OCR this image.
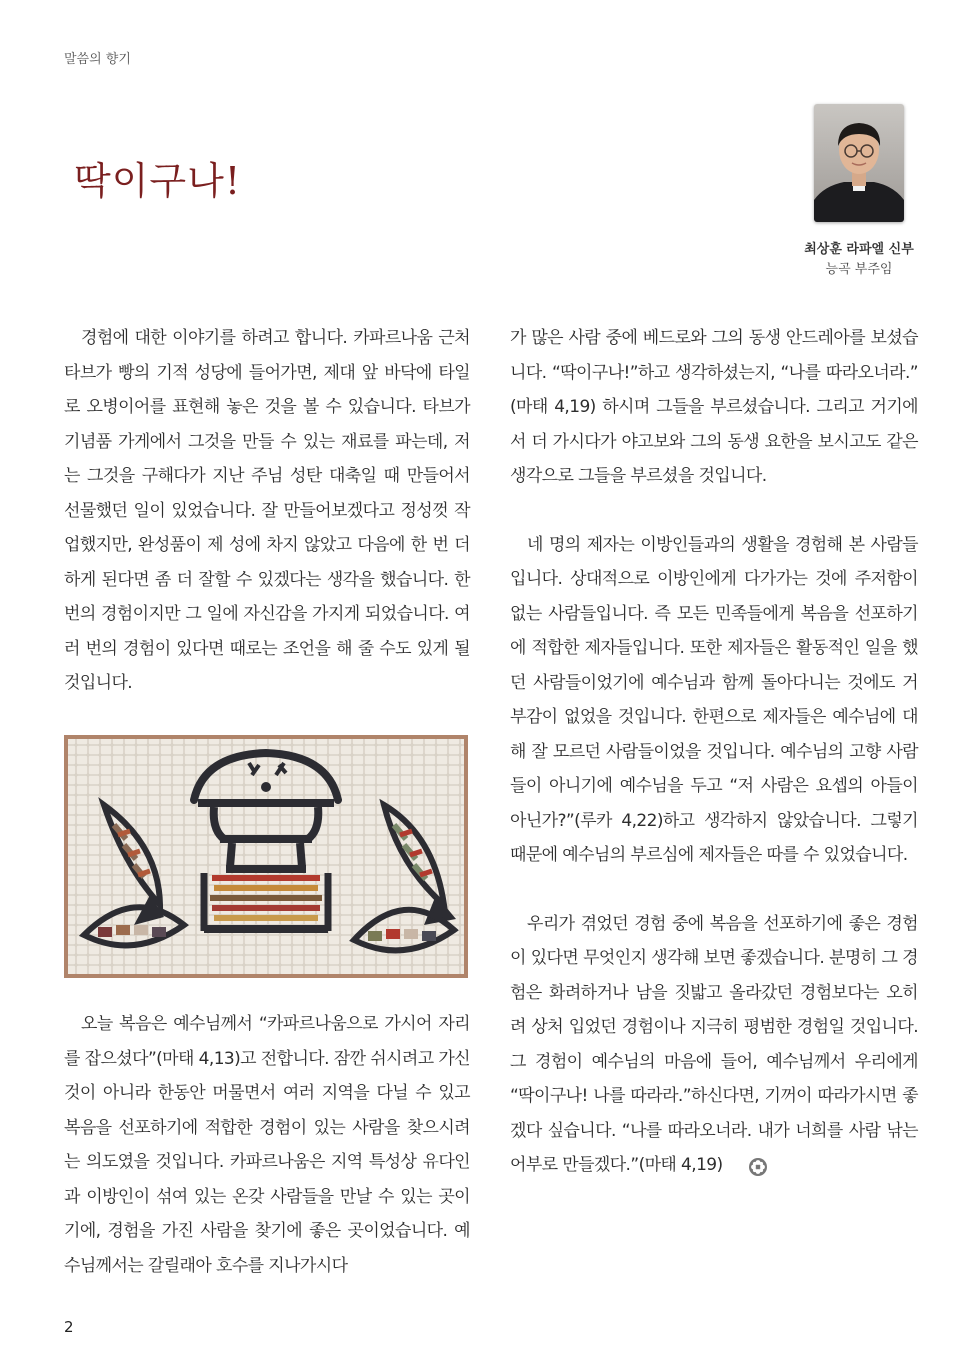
말씀의 향기
딱이구나!
최상훈 라파엘 신부
능곡 부주임

경험에 대한 이야기를 하려고 합니다. 카파르나움 근처 타브가 빵의 기적 성당에 들어가면, 제대 앞 바닥에 타일로 오병이어를 표현해 놓은 것을 볼 수 있습니다. 타브가 기념품 가게에서 그것을 만들 수 있는 재료를 파는데, 저는 그것을 구해다가 지난 주님 성탄 대축일 때 만들어서 선물했던 일이 있었습니다. 잘 만들어보겠다고 정성껏 작업했지만, 완성품이 제 성에 차지 않았고 다음에 한 번 더 하게 된다면 좀 더 잘할 수 있겠다는 생각을 했습니다. 한 번의 경험이지만 그 일에 자신감을 가지게 되었습니다. 여러 번의 경험이 있다면 때로는 조언을 해 줄 수도 있게 될 것입니다.

오늘 복음은 예수님께서 “카파르나움으로 가시어 자리를 잡으셨다”(마태 4,13)고 전합니다. 잠깐 쉬시려고 가신 것이 아니라 한동안 머물면서 여러 지역을 다닐 수 있고 복음을 선포하기에 적합한 경험이 있는 사람을 찾으시려는 의도였을 것입니다. 카파르나움은 지역 특성상 유다인과 이방인이 섞여 있는 온갖 사람들을 만날 수 있는 곳이기에, 경험을 가진 사람을 찾기에 좋은 곳이었습니다. 예수님께서는 갈릴래아 호수를 지나가시다

가 많은 사람 중에 베드로와 그의 동생 안드레아를 보셨습니다. “딱이구나!”하고 생각하셨는지, “나를 따라오너라.” (마태 4,19) 하시며 그들을 부르셨습니다. 그리고 거기에서 더 가시다가 야고보와 그의 동생 요한을 보시고도 같은 생각으로 그들을 부르셨을 것입니다.

네 명의 제자는 이방인들과의 생활을 경험해 본 사람들입니다. 상대적으로 이방인에게 다가가는 것에 주저함이 없는 사람들입니다. 즉 모든 민족들에게 복음을 선포하기에 적합한 제자들입니다. 또한 제자들은 활동적인 일을 했던 사람들이었기에 예수님과 함께 돌아다니는 것에도 거부감이 없었을 것입니다. 한편으로 제자들은 예수님에 대해 잘 모르던 사람들이었을 것입니다. 예수님의 고향 사람들이 아니기에 예수님을 두고 “저 사람은 요셉의 아들이 아닌가?”(루카 4,22)하고 생각하지 않았습니다. 그렇기 때문에 예수님의 부르심에 제자들은 따를 수 있었습니다.

우리가 겪었던 경험 중에 복음을 선포하기에 좋은 경험이 있다면 무엇인지 생각해 보면 좋겠습니다. 분명히 그 경험은 화려하거나 남을 짓밟고 올라갔던 경험보다는 오히려 상처 입었던 경험이나 지극히 평범한 경험일 것입니다. 그 경험이 예수님의 마음에 들어, 예수님께서 우리에게 “딱이구나! 나를 따라라.”하신다면, 기꺼이 따라가시면 좋겠다 싶습니다. “나를 따라오너라. 내가 너희를 사람 낚는 어부로 만들겠다.”(마태 4,19)

2
